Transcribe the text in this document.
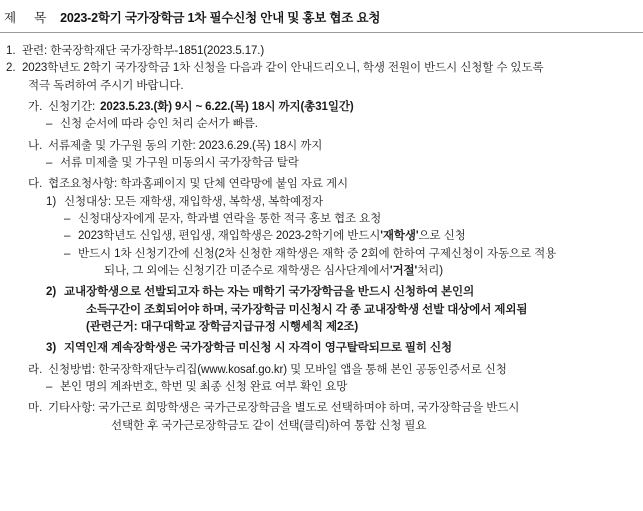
제 목 2023-2학기 국가장학금 1차 필수신청 안내 및 홍보 협조 요청
1. 관련: 한국장학재단 국가장학부-1851(2023.5.17.)
2. 2023학년도 2학기 국가장학금 1차 신청을 다음과 같이 안내드리오니, 학생 전원이 반드시 신청할 수 있도록
적극 독려하여 주시기 바랍니다.
가. 신청기간: 2023.5.23.(화) 9시 ~ 6.22.(목) 18시 까지(총31일간)
– 신청 순서에 따라 승인 처리 순서가 빠름.
나. 서류제출 및 가구원 동의 기한: 2023.6.29.(목) 18시 까지
– 서류 미제출 및 가구원 미동의시 국가장학금 탈락
다. 협조요청사항: 학과홈페이지 및 단체 연락망에 붙임 자료 게시
1) 신청대상: 모든 재학생, 재입학생, 복학생, 복학예정자
– 신청대상자에게 문자, 학과별 연락을 통한 적극 홍보 협조 요청
– 2023학년도 신입생, 편입생, 재입학생은 2023-2학기에 반드시 '재학생' 으로 신청
– 반드시 1차 신청기간에 신청(2차 신청한 재학생은 재학 중 2회에 한하여 구제신청이 자동으로 적용
되나, 그 외에는 신청기간 미준수로 재학생은 심사단계에서 '거절' 처리)
2) 교내장학생으로 선발되고자 하는 자는 매학기 국가장학금을 반드시 신청하여 본인의
소득구간이 조회되어야 하며, 국가장학금 미신청시 각 종 교내장학생 선발 대상에서 제외됨
(관련근거: 대구대학교 장학금지급규정 시행세칙 제2조)
3) 지역인재 계속장학생은 국가장학금 미신청 시 자격이 영구탈락되므로 필히 신청
라. 신청방법: 한국장학재단누리집(www.kosaf.go.kr) 및 모바일 앱을 통해 본인 공동인증서로 신청
– 본인 명의 계좌번호, 학번 및 최종 신청 완료 여부 확인 요망
마. 기타사항: 국가근로 희망학생은 국가근로장학금을 별도로 선택하며야 하며, 국가장학금을 반드시
선택한 후 국가근로장학금도 같이 선택(클릭)하여 통합 신청 필요
